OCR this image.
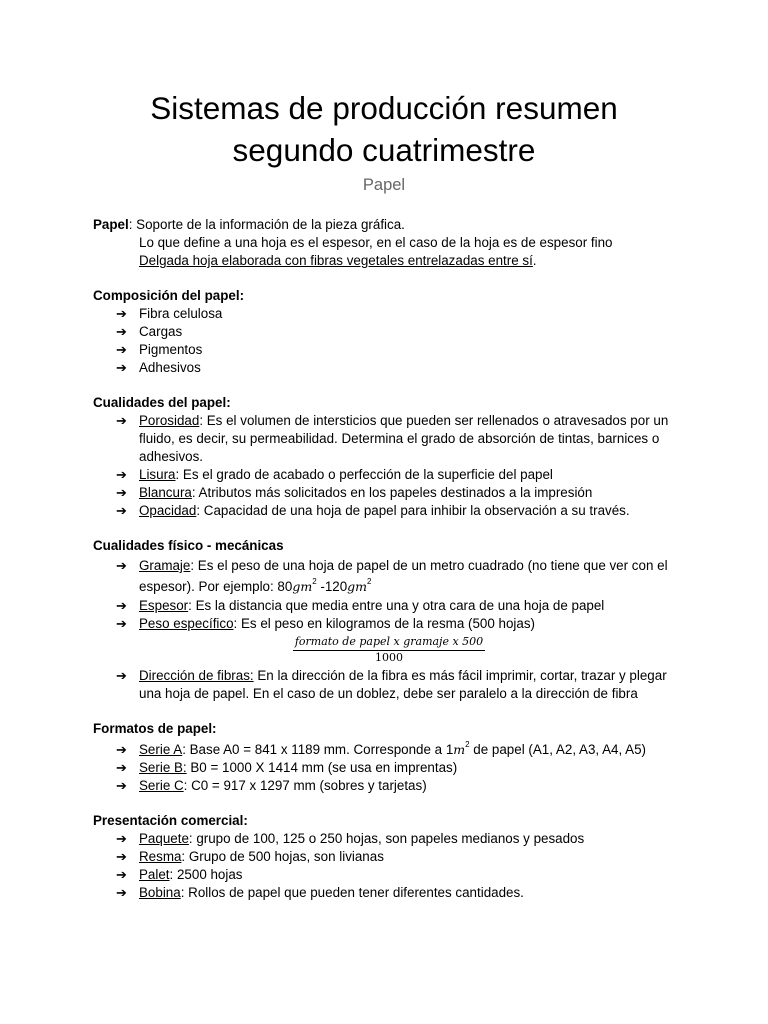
Sistemas de producción resumen
segundo cuatrimestre
Papel
Papel: Soporte de la información de la pieza gráfica.
Lo que define a una hoja es el espesor, en el caso de la hoja es de espesor fino
Delgada hoja elaborada con fibras vegetales entrelazadas entre sí.
Composición del papel:
➔ Fibra celulosa
➔ Cargas
➔ Pigmentos
➔ Adhesivos
Cualidades del papel:
➔ Porosidad: Es el volumen de intersticios que pueden ser rellenados o atravesados por un fluido, es decir, su permeabilidad. Determina el grado de absorción de tintas, barnices o adhesivos.
➔ Lisura: Es el grado de acabado o perfección de la superficie del papel
➔ Blancura: Atributos más solicitados en los papeles destinados a la impresión
➔ Opacidad: Capacidad de una hoja de papel para inhibir la observación a su través.
Cualidades físico - mecánicas
➔ Gramaje: Es el peso de una hoja de papel de un metro cuadrado (no tiene que ver con el espesor). Por ejemplo: $80gm^2$ $-120gm^2$
➔ Espesor: Es la distancia que media entre una y otra cara de una hoja de papel
➔ Peso específico: Es el peso en kilogramos de la resma (500 hojas)
formato de papel x gramaje x 500
1000
➔ Dirección de fibras: En la dirección de la fibra es más fácil imprimir, cortar, trazar y plegar una hoja de papel. En el caso de un doblez, debe ser paralelo a la dirección de fibra
Formatos de papel:
➔ Serie A: Base A0 = 841 x 1189 mm. Corresponde a $1m^2$ de papel (A1, A2, A3, A4, A5)
➔ Serie B: B0 = 1000 X 1414 mm (se usa en imprentas)
➔ Serie C: C0 = 917 x 1297 mm (sobres y tarjetas)
Presentación comercial:
➔ Paquete: grupo de 100, 125 o 250 hojas, son papeles medianos y pesados
➔ Resma: Grupo de 500 hojas, son livianas
➔ Palet: 2500 hojas
➔ Bobina: Rollos de papel que pueden tener diferentes cantidades.
